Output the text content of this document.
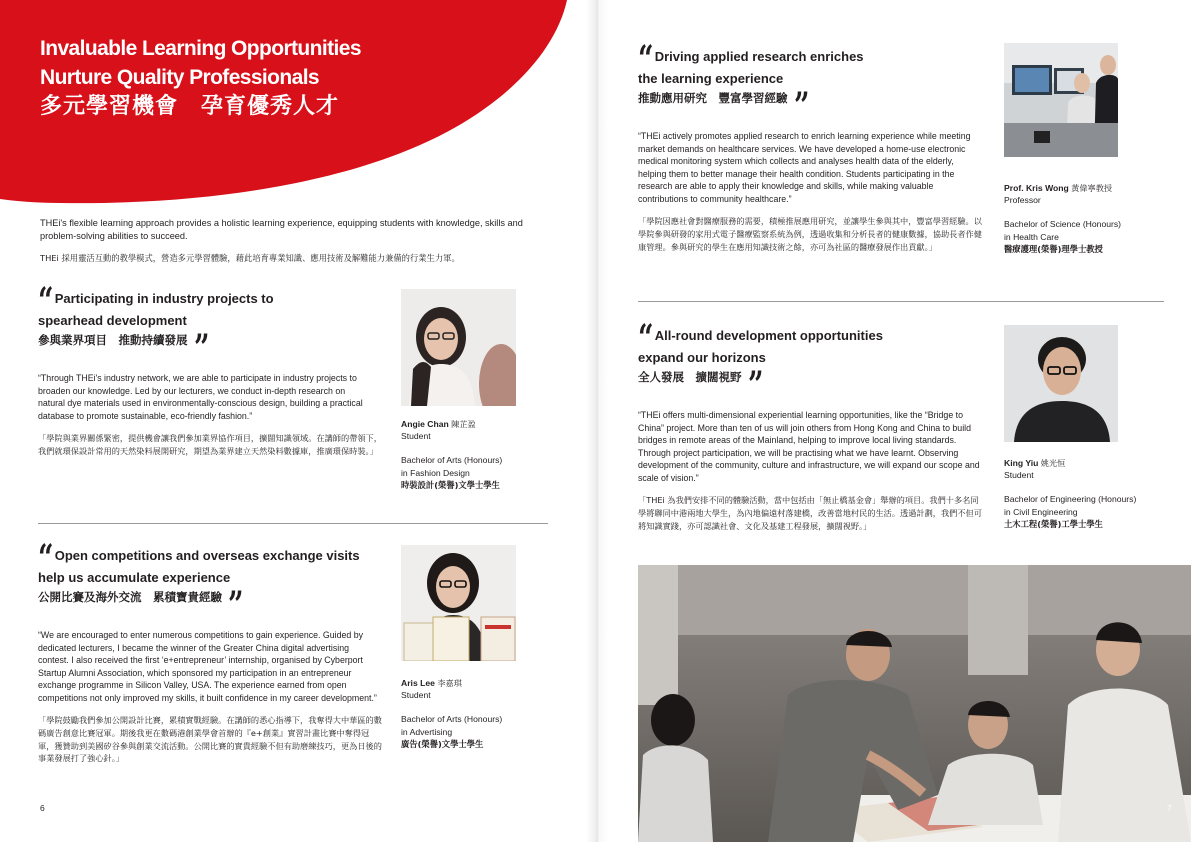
Invaluable Learning Opportunities
Nurture Quality Professionals
多元學習機會　孕育優秀人才
THEi's flexible learning approach provides a holistic learning experience, equipping students with knowledge, skills and problem-solving abilities to succeed.
THEi 採用靈活互動的教學模式，營造多元學習體驗，藉此培育專業知識、應用技術及解難能力兼備的行業生力軍。
“ Participating in industry projects to spearhead development
參與業界項目　推動持續發展 ”
“Through THEi's industry network, we are able to participate in industry projects to broaden our knowledge. Led by our lecturers, we conduct in-depth research on natural dye materials used in environmentally-conscious design, building a practical database to promote sustainable, eco-friendly fashion.”
「學院與業界關係緊密，提供機會讓我們參加業界協作項目，擴闊知識領域。在講師的帶領下，我們就環保設計常用的天然染料展開研究，期望為業界建立天然染料數據庫，推廣環保時裝。」
Angie Chan 陳芷盈
Student
Bachelor of Arts (Honours)
in Fashion Design
時裝設計(榮譽)文學士學生
“ Open competitions and overseas exchange visits help us accumulate experience
公開比賽及海外交流　累積寶貴經驗 ”
“We are encouraged to enter numerous competitions to gain experience. Guided by dedicated lecturers, I became the winner of the Greater China digital advertising contest. I also received the first ‘e+entrepreneur’ internship, organised by Cyberport Startup Alumni Association, which sponsored my participation in an entrepreneur exchange programme in Silicon Valley, USA. The experience earned from open competitions not only improved my skills, it built confidence in my career development.”
「學院鼓勵我們參加公開設計比賽，累積實戰經驗。在講師的悉心指導下，我奪得大中華區的數碼廣告創意比賽冠軍。期後我更在數碼港創業學會首辦的『e+創業』實習計畫比賽中奪得冠軍，獲贊助到美國矽谷參與創業交流活動。公開比賽的實貴經驗不但有助磨練技巧，更為日後的事業發展打了強心針。」
Aris Lee 李嘉琪
Student
Bachelor of Arts (Honours)
in Advertising
廣告(榮譽)文學士學生
6
“ Driving applied research enriches the learning experience
推動應用研究　豐富學習經驗 ”
“THEi actively promotes applied research to enrich learning experience while meeting market demands on healthcare services. We have developed a home-use electronic medical monitoring system which collects and analyses health data of the elderly, helping them to better manage their health condition. Students participating in the research are able to apply their knowledge and skills, while making valuable contributions to community healthcare.”
「學院因應社會對醫療服務的需要，積極推展應用研究，並讓學生參與其中，豐富學習經驗。以學院參與研發的家用式電子醫療監察系統為例，透過收集和分析長者的健康數據，協助長者作健康管理。參與研究的學生在應用知識技術之餘，亦可為社區的醫療發展作出貢獻。」
Prof. Kris Wong 黃偉寧教授
Professor
Bachelor of Science (Honours)
in Health Care
醫療護理(榮譽)理學士教授
“ All-round development opportunities expand our horizons
全人發展　擴闊視野 ”
“THEi offers multi-dimensional experiential learning opportunities, like the “Bridge to China” project. More than ten of us will join others from Hong Kong and China to build bridges in remote areas of the Mainland, helping to improve local living standards. Through project participation, we will be practising what we have learnt. Observing development of the community, culture and infrastructure, we will expand our scope and scale of vision.”
「THEi 為我們安排不同的體驗活動，當中包括由「無止橋基金會」舉辦的項目。我們十多名同學將聯同中港兩地大學生，為內地偏遠村落建橋，改善當地村民的生活。透過計劃，我們不但可將知識實踐，亦可認識社會、文化及基建工程發展，擴闊視野。」
King Yiu 姚光恒
Student
Bachelor of Engineering (Honours)
in Civil Engineering
土木工程(榮譽)工學士學生
7
